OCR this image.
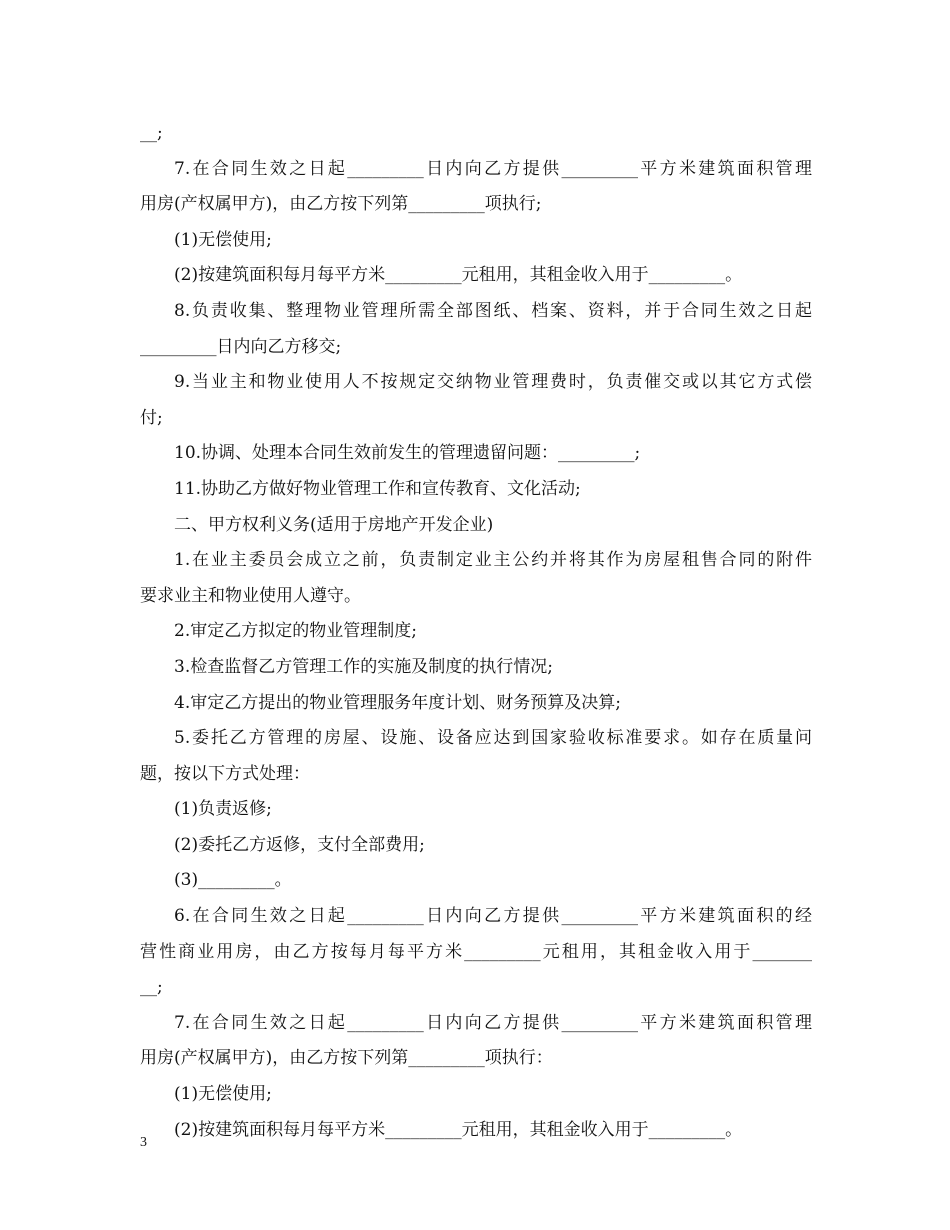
__;
7.在合同生效之日起_________日内向乙方提供_________平方米建筑面积管理
用房(产权属甲方)，由乙方按下列第_________项执行;
(1)无偿使用;
(2)按建筑面积每月每平方米_________元租用，其租金收入用于_________。
8.负责收集、整理物业管理所需全部图纸、档案、资料，并于合同生效之日起
_________日内向乙方移交;
9.当业主和物业使用人不按规定交纳物业管理费时，负责催交或以其它方式偿
付;
10.协调、处理本合同生效前发生的管理遗留问题：_________;
11.协助乙方做好物业管理工作和宣传教育、文化活动;
二、甲方权利义务(适用于房地产开发企业)
1.在业主委员会成立之前，负责制定业主公约并将其作为房屋租售合同的附件
要求业主和物业使用人遵守。
2.审定乙方拟定的物业管理制度;
3.检查监督乙方管理工作的实施及制度的执行情况;
4.审定乙方提出的物业管理服务年度计划、财务预算及决算;
5.委托乙方管理的房屋、设施、设备应达到国家验收标准要求。如存在质量问
题，按以下方式处理：
(1)负责返修;
(2)委托乙方返修，支付全部费用;
(3)_________。
6.在合同生效之日起_________日内向乙方提供_________平方米建筑面积的经
营性商业用房，由乙方按每月每平方米_________元租用，其租金收入用于_______
__;
7.在合同生效之日起_________日内向乙方提供_________平方米建筑面积管理
用房(产权属甲方)，由乙方按下列第_________项执行：
(1)无偿使用;
(2)按建筑面积每月每平方米_________元租用，其租金收入用于_________。
3
